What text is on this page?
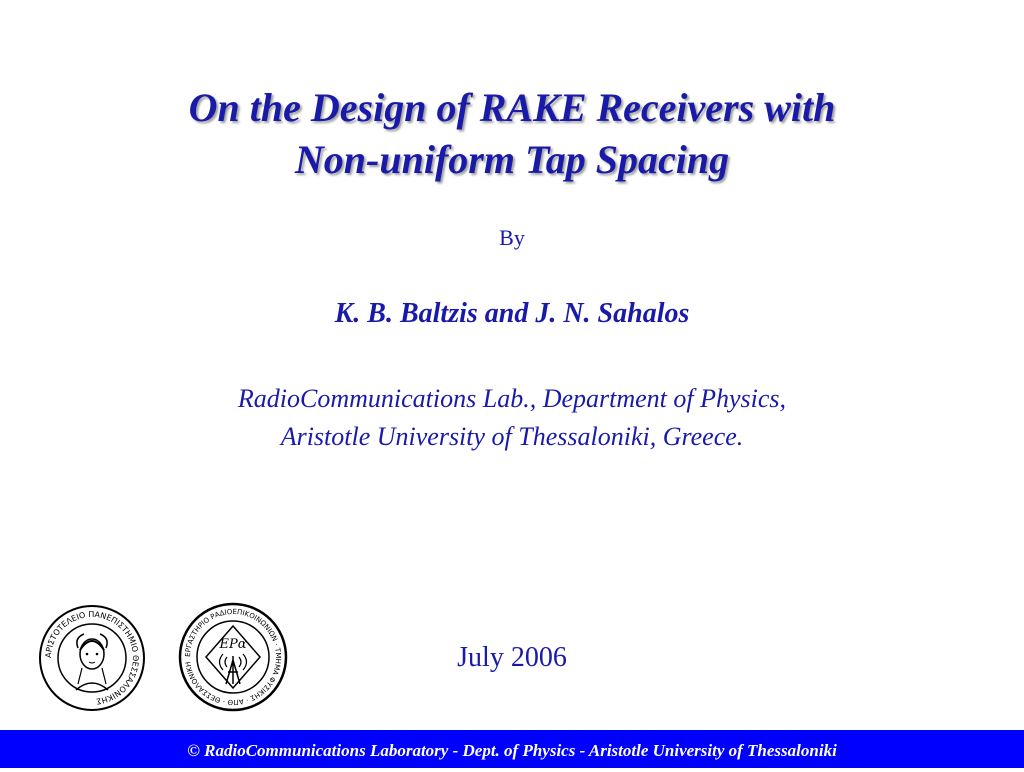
On the Design of RAKE Receivers with
Non-uniform Tap Spacing
By
K. B. Baltzis and J. N. Sahalos
RadioCommunications Lab., Department of Physics,
Aristotle University of Thessaloniki, Greece.
ΑΡΙΣΤΟΤΕΛΕΙΟ ΠΑΝΕΠΙΣΤΗΜΙΟ ΘΕΣΣΑΛΟΝΙΚΗΣ
ΕΡΓΑΣΤΗΡΙΟ ΡΑΔΙΟΕΠΙΚΟΙΝΩΝΙΩΝ · ΤΜΗΜΑ ΦΥΣΙΚΗΣ · ΑΠΘ · ΘΕΣΣΑΛΟΝΙΚΗ
ΕΡα	July 2006
© RadioCommunications Laboratory - Dept. of Physics - Aristotle University of Thessaloniki
